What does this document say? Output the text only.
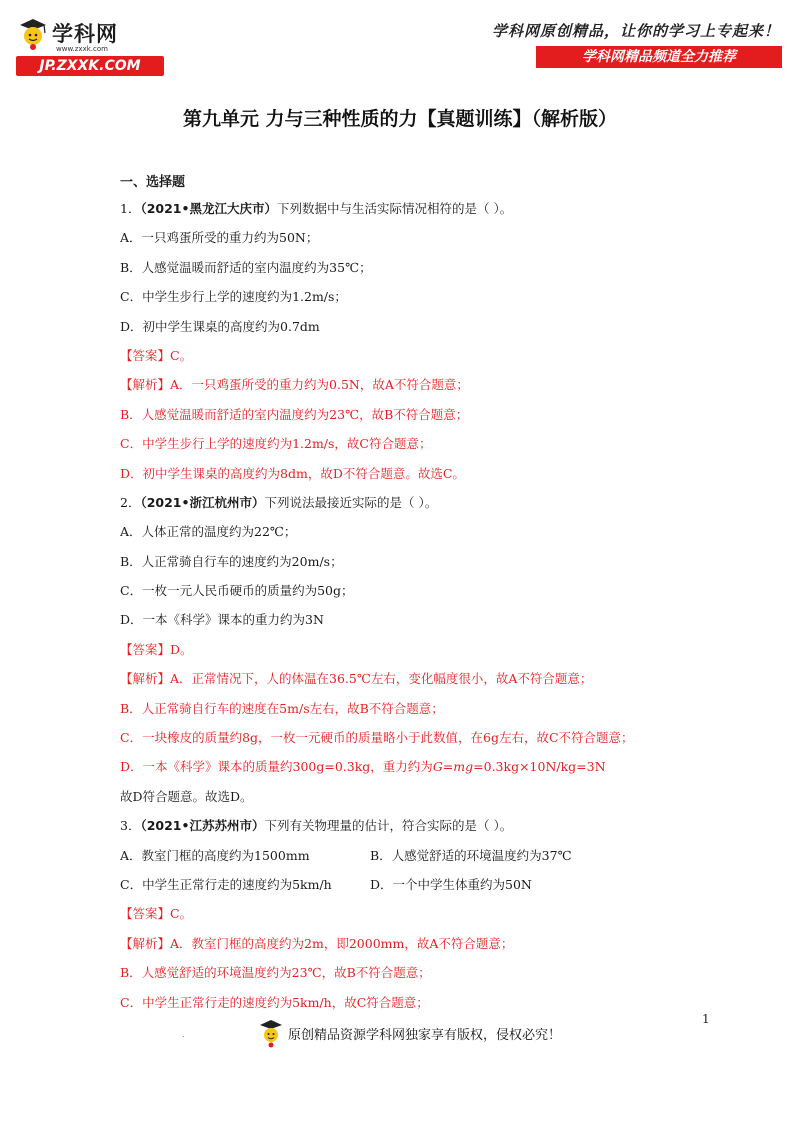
学科网
www.zxxk.com
JP.ZXXK.COM
学科网原创精品，让你的学习上专起来！
学科网精品频道全力推荐
第九单元 力与三种性质的力【真题训练】（解析版）
一、选择题
1．（2021•黑龙江大庆市）下列数据中与生活实际情况相符的是（ ）。
A．一只鸡蛋所受的重力约为50N；
B．人感觉温暖而舒适的室内温度约为35℃；
C．中学生步行上学的速度约为1.2m/s；
D．初中学生课桌的高度约为0.7dm
【答案】C。
【解析】A．一只鸡蛋所受的重力约为0.5N，故A不符合题意；
B．人感觉温暖而舒适的室内温度约为23℃，故B不符合题意；
C．中学生步行上学的速度约为1.2m/s，故C符合题意；
D．初中学生课桌的高度约为8dm，故D不符合题意。故选C。
2．（2021•浙江杭州市）下列说法最接近实际的是（ ）。
A．人体正常的温度约为22℃；
B．人正常骑自行车的速度约为20m/s；
C．一枚一元人民币硬币的质量约为50g；
D．一本《科学》课本的重力约为3N
【答案】D。
【解析】A．正常情况下，人的体温在36.5℃左右，变化幅度很小，故A不符合题意；
B．人正常骑自行车的速度在5m/s左右，故B不符合题意；
C．一块橡皮的质量约8g，一枚一元硬币的质量略小于此数值，在6g左右，故C不符合题意；
D．一本《科学》课本的质量约300g=0.3kg，重力约为G=mg=0.3kg×10N/kg=3N
故D符合题意。故选D。
3．（2021•江苏苏州市）下列有关物理量的估计，符合实际的是（ ）。
A．教室门框的高度约为1500mm	B．人感觉舒适的环境温度约为37℃
C．中学生正常行走的速度约为5km/h	D．一个中学生体重约为50N
【答案】C。
【解析】A．教室门框的高度约为2m，即2000mm，故A不符合题意；
B．人感觉舒适的环境温度约为23℃，故B不符合题意；
C．中学生正常行走的速度约为5km/h，故C符合题意；
1
.	原创精品资源学科网独家享有版权，侵权必究！
